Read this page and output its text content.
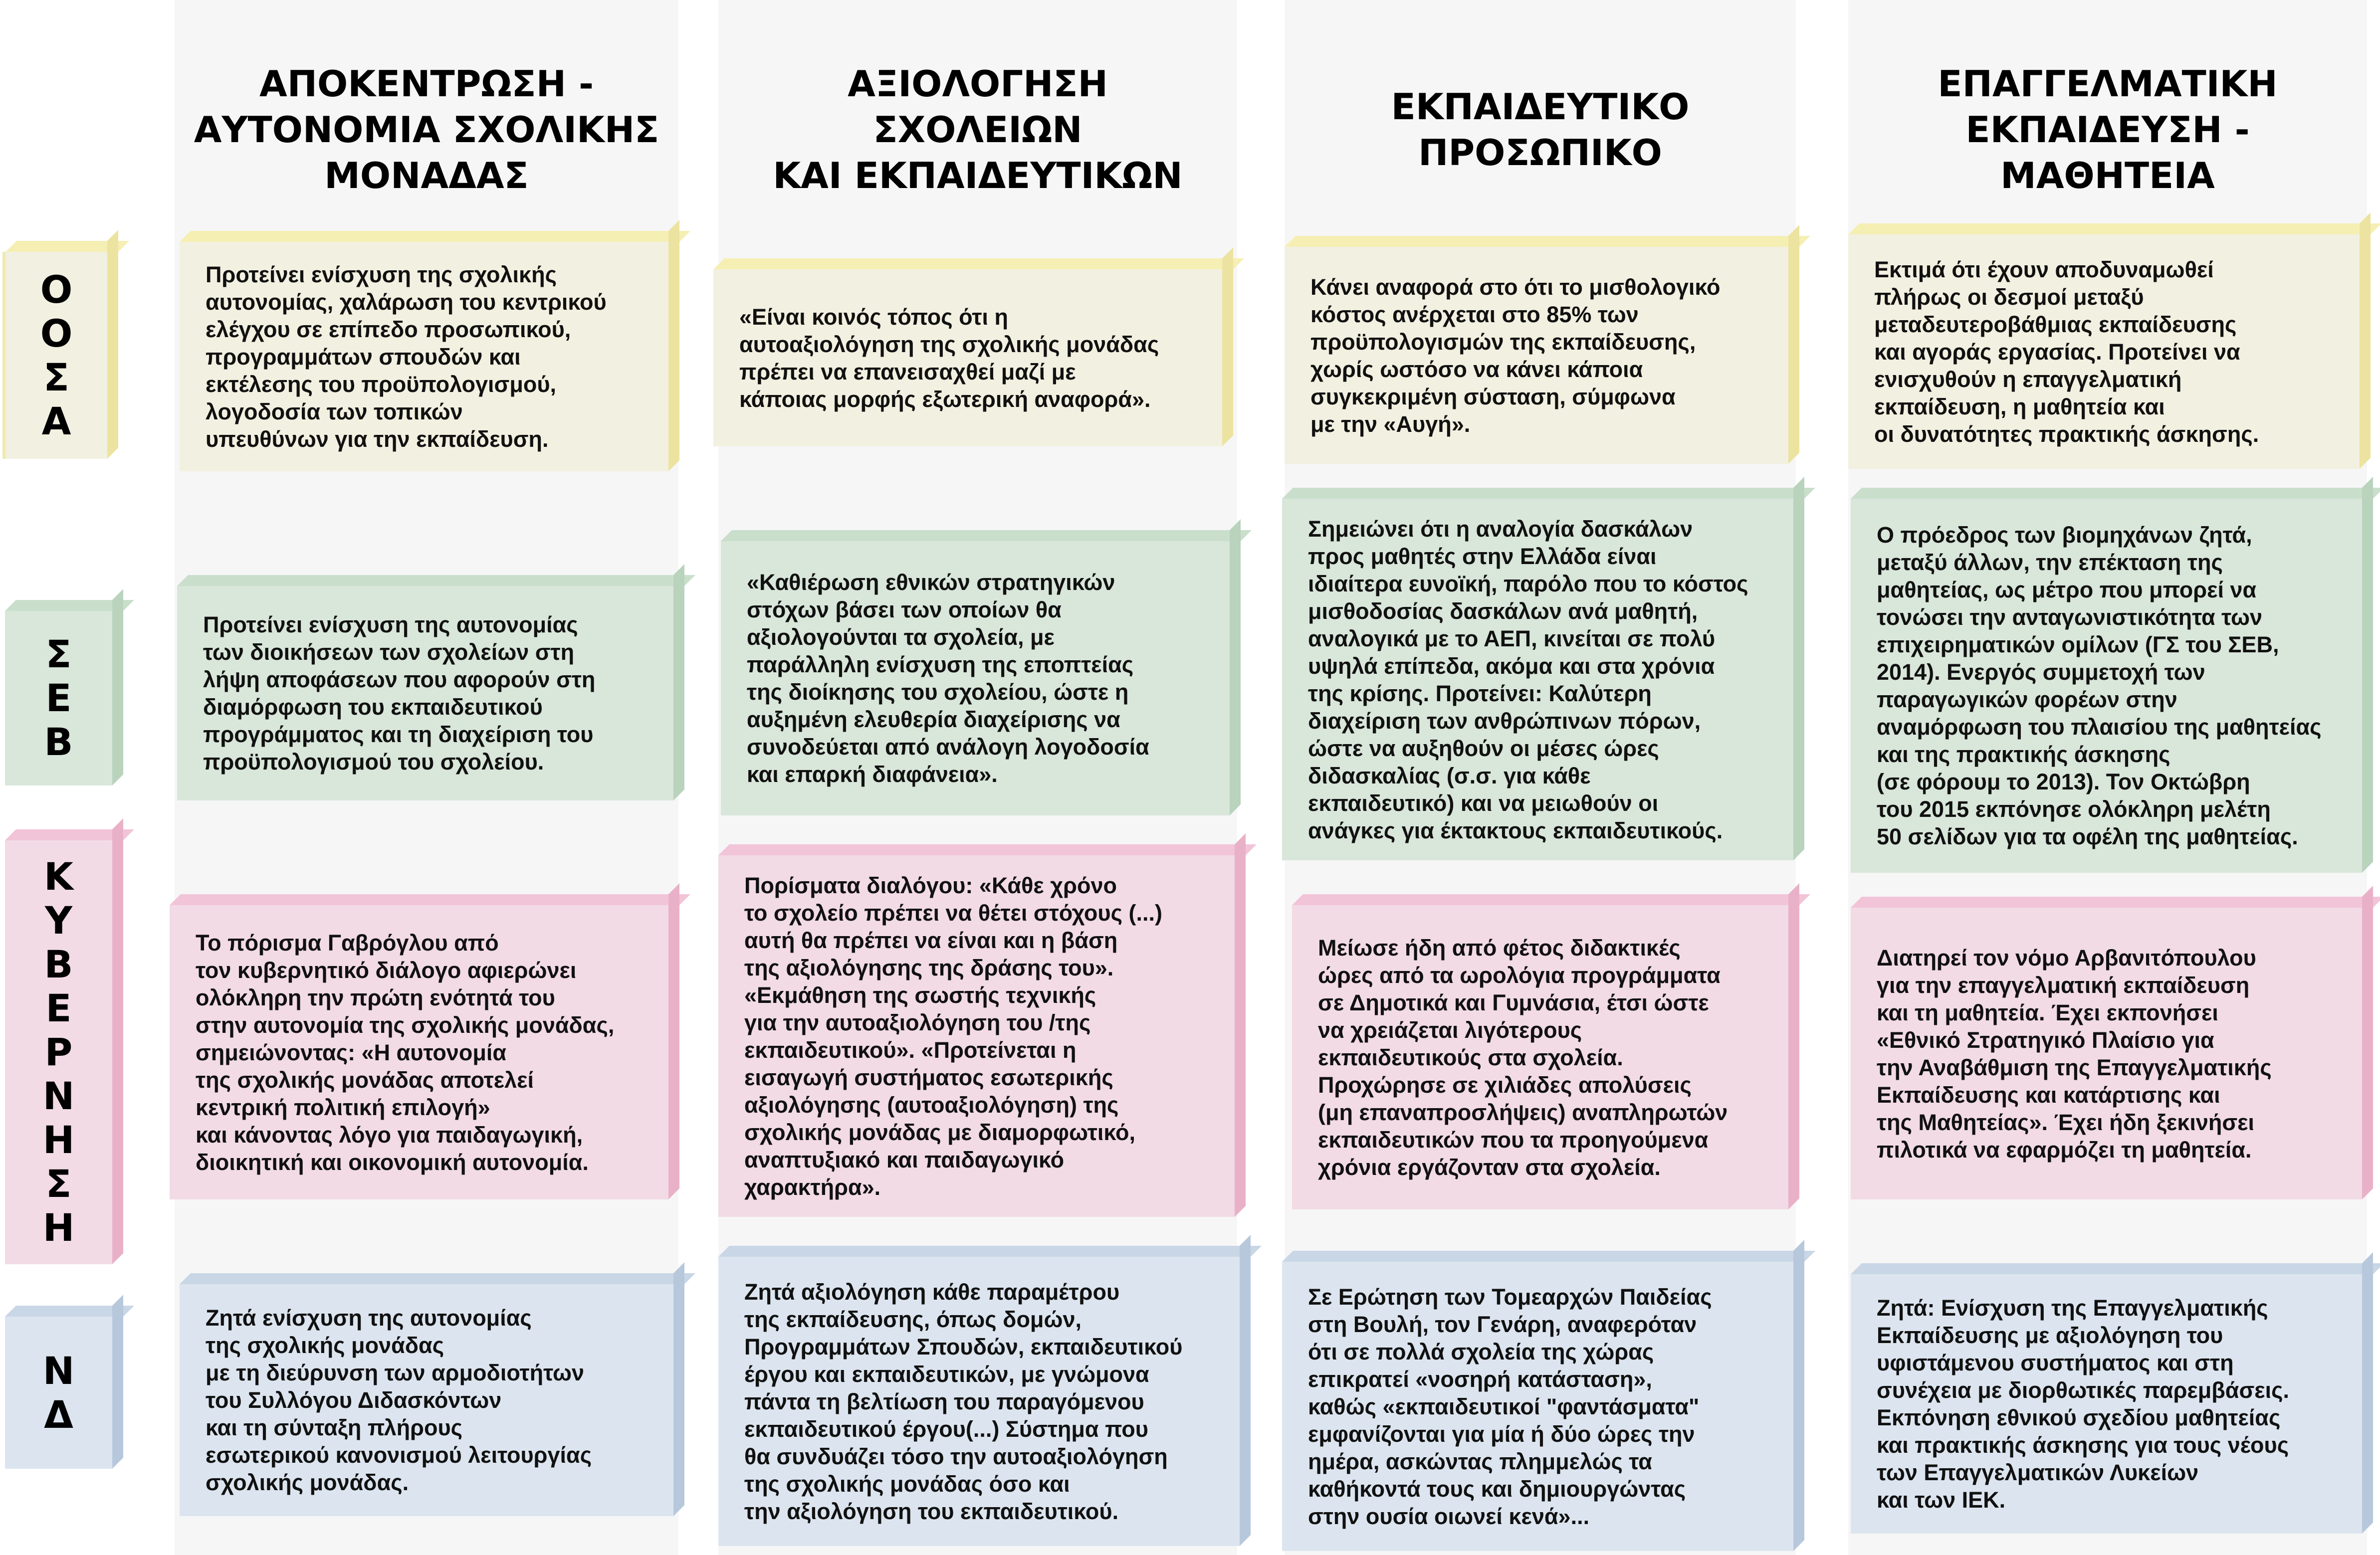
ΑΠΟΚΕΝΤΡΩΣΗ -
ΑΥΤΟΝΟΜΙΑ ΣΧΟΛΙΚΗΣ
ΜΟΝΑΔΑΣ
ΑΞΙΟΛΟΓΗΣΗ
ΣΧΟΛΕΙΩΝ
ΚΑΙ ΕΚΠΑΙΔΕΥΤΙΚΩΝ
ΕΚΠΑΙΔΕΥΤΙΚΟ
ΠΡΟΣΩΠΙΚΟ
ΕΠΑΓΓΕΛΜΑΤΙΚΗ
ΕΚΠΑΙΔΕΥΣΗ -
ΜΑΘΗΤΕΙΑ
Ο
Ο
Σ
Α
Σ
Ε
Β
Κ
Υ
Β
Ε
Ρ
Ν
Η
Σ
Η
Ν
Δ
Προτείνει ενίσχυση της σχολικής
αυτονομίας, χαλάρωση του κεντρικού
ελέγχου σε επίπεδο προσωπικού,
προγραμμάτων σπουδών και
εκτέλεσης του προϋπολογισμού,
λογοδοσία των τοπικών
υπευθύνων για την εκπαίδευση.
«Είναι κοινός τόπος ότι η
αυτοαξιολόγηση της σχολικής μονάδας
πρέπει να επανεισαχθεί μαζί με
κάποιας μορφής εξωτερική αναφορά».
Κάνει αναφορά στο ότι το μισθολογικό
κόστος ανέρχεται στο 85% των
προϋπολογισμών της εκπαίδευσης,
χωρίς ωστόσο να κάνει κάποια
συγκεκριμένη σύσταση, σύμφωνα
με την «Αυγή».
Εκτιμά ότι έχουν αποδυναμωθεί
πλήρως οι δεσμοί μεταξύ
μεταδευτεροβάθμιας εκπαίδευσης
και αγοράς εργασίας. Προτείνει να
ενισχυθούν η επαγγελματική
εκπαίδευση, η μαθητεία και
οι δυνατότητες πρακτικής άσκησης.
Προτείνει ενίσχυση της αυτονομίας
των διοικήσεων των σχολείων στη
λήψη αποφάσεων που αφορούν στη
διαμόρφωση του εκπαιδευτικού
προγράμματος και τη διαχείριση του
προϋπολογισμού του σχολείου.
«Καθιέρωση εθνικών στρατηγικών
στόχων βάσει των οποίων θα
αξιολογούνται τα σχολεία, με
παράλληλη ενίσχυση της εποπτείας
της διοίκησης του σχολείου, ώστε η
αυξημένη ελευθερία διαχείρισης να
συνοδεύεται από ανάλογη λογοδοσία
και επαρκή διαφάνεια».
Σημειώνει ότι η αναλογία δασκάλων
προς μαθητές στην Ελλάδα είναι
ιδιαίτερα ευνοϊκή, παρόλο που το κόστος
μισθοδοσίας δασκάλων ανά μαθητή,
αναλογικά με το ΑΕΠ, κινείται σε πολύ
υψηλά επίπεδα, ακόμα και στα χρόνια
της κρίσης. Προτείνει: Καλύτερη
διαχείριση των ανθρώπινων πόρων,
ώστε να αυξηθούν οι μέσες ώρες
διδασκαλίας (σ.σ. για κάθε
εκπαιδευτικό) και να μειωθούν οι
ανάγκες για έκτακτους εκπαιδευτικούς.
Ο πρόεδρος των βιομηχάνων ζητά,
μεταξύ άλλων, την επέκταση της
μαθητείας, ως μέτρο που μπορεί να
τονώσει την ανταγωνιστικότητα των
επιχειρηματικών ομίλων (ΓΣ του ΣΕΒ,
2014). Ενεργός συμμετοχή των
παραγωγικών φορέων στην
αναμόρφωση του πλαισίου της μαθητείας
και της πρακτικής άσκησης
(σε φόρουμ το 2013). Τον Οκτώβρη
του 2015 εκπόνησε ολόκληρη μελέτη
50 σελίδων για τα οφέλη της μαθητείας.
Το πόρισμα Γαβρόγλου από
τον κυβερνητικό διάλογο αφιερώνει
ολόκληρη την πρώτη ενότητά του
στην αυτονομία της σχολικής μονάδας,
σημειώνοντας: «Η αυτονομία
της σχολικής μονάδας αποτελεί
κεντρική πολιτική επιλογή»
και κάνοντας λόγο για παιδαγωγική,
διοικητική και οικονομική αυτονομία.
Πορίσματα διαλόγου: «Κάθε χρόνο
το σχολείο πρέπει να θέτει στόχους (...)
αυτή θα πρέπει να είναι και η βάση
της αξιολόγησης της δράσης του».
«Εκμάθηση της σωστής τεχνικής
για την αυτοαξιολόγηση του /της
εκπαιδευτικού». «Προτείνεται η
εισαγωγή συστήματος εσωτερικής
αξιολόγησης (αυτοαξιολόγηση) της
σχολικής μονάδας με διαμορφωτικό,
αναπτυξιακό και παιδαγωγικό
χαρακτήρα».
Μείωσε ήδη από φέτος διδακτικές
ώρες από τα ωρολόγια προγράμματα
σε Δημοτικά και Γυμνάσια, έτσι ώστε
να χρειάζεται λιγότερους
εκπαιδευτικούς στα σχολεία.
Προχώρησε σε χιλιάδες απολύσεις
(μη επαναπροσλήψεις) αναπληρωτών
εκπαιδευτικών που τα προηγούμενα
χρόνια εργάζονταν στα σχολεία.
Διατηρεί τον νόμο Αρβανιτόπουλου
για την επαγγελματική εκπαίδευση
και τη μαθητεία. Έχει εκπονήσει
«Εθνικό Στρατηγικό Πλαίσιο για
την Αναβάθμιση της Επαγγελματικής
Εκπαίδευσης και κατάρτισης και
της Μαθητείας». Έχει ήδη ξεκινήσει
πιλοτικά να εφαρμόζει τη μαθητεία.
Ζητά ενίσχυση της αυτονομίας
της σχολικής μονάδας
με τη διεύρυνση των αρμοδιοτήτων
του Συλλόγου Διδασκόντων
και τη σύνταξη πλήρους
εσωτερικού κανονισμού λειτουργίας
σχολικής μονάδας.
Ζητά αξιολόγηση κάθε παραμέτρου
της εκπαίδευσης, όπως δομών,
Προγραμμάτων Σπουδών, εκπαιδευτικού
έργου και εκπαιδευτικών, με γνώμονα
πάντα τη βελτίωση του παραγόμενου
εκπαιδευτικού έργου(...) Σύστημα που
θα συνδυάζει τόσο την αυτοαξιολόγηση
της σχολικής μονάδας όσο και
την αξιολόγηση του εκπαιδευτικού.
Σε Ερώτηση των Τομεαρχών Παιδείας
στη Βουλή, τον Γενάρη, αναφερόταν
ότι σε πολλά σχολεία της χώρας
επικρατεί «νοσηρή κατάσταση»,
καθώς «εκπαιδευτικοί "φαντάσματα"
εμφανίζονται για μία ή δύο ώρες την
ημέρα, ασκώντας πλημμελώς τα
καθήκοντά τους και δημιουργώντας
στην ουσία οιωνεί κενά»...
Ζητά: Ενίσχυση της Επαγγελματικής
Εκπαίδευσης με αξιολόγηση του
υφιστάμενου συστήματος και στη
συνέχεια με διορθωτικές παρεμβάσεις.
Εκπόνηση εθνικού σχεδίου μαθητείας
και πρακτικής άσκησης για τους νέους
των Επαγγελματικών Λυκείων
και των ΙΕΚ.
